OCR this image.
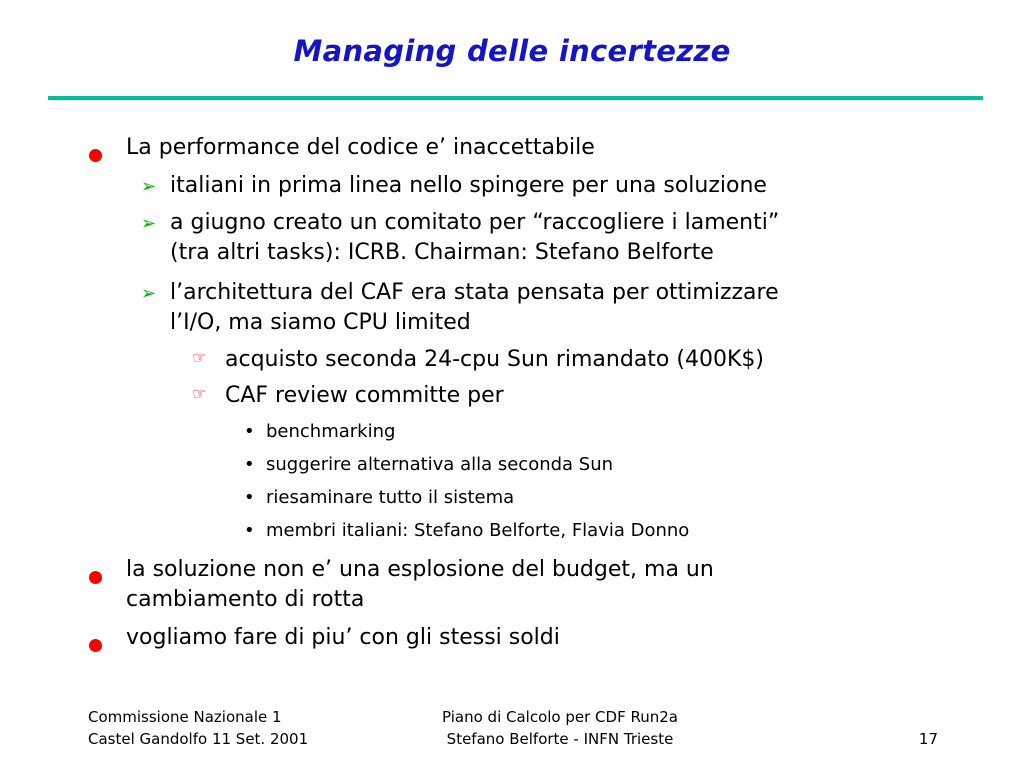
Managing delle incertezze
La performance del codice e’ inaccettabile
➢ italiani in prima linea nello spingere per una soluzione
➢ a giugno creato un comitato per “raccogliere i lamenti”
(tra altri tasks): ICRB. Chairman: Stefano Belforte
➢ l’architettura del CAF era stata pensata per ottimizzare
l’I/O, ma siamo CPU limited
☞ acquisto seconda 24-cpu Sun rimandato (400K$)
☞ CAF review committe per
• benchmarking
• suggerire alternativa alla seconda Sun
• riesaminare tutto il sistema
• membri italiani: Stefano Belforte, Flavia Donno
la soluzione non e’ una esplosione del budget, ma un
cambiamento di rotta
vogliamo fare di piu’ con gli stessi soldi
Commissione Nazionale 1
Castel Gandolfo 11 Set. 2001
Piano di Calcolo per CDF Run2a
Stefano Belforte - INFN Trieste	17
